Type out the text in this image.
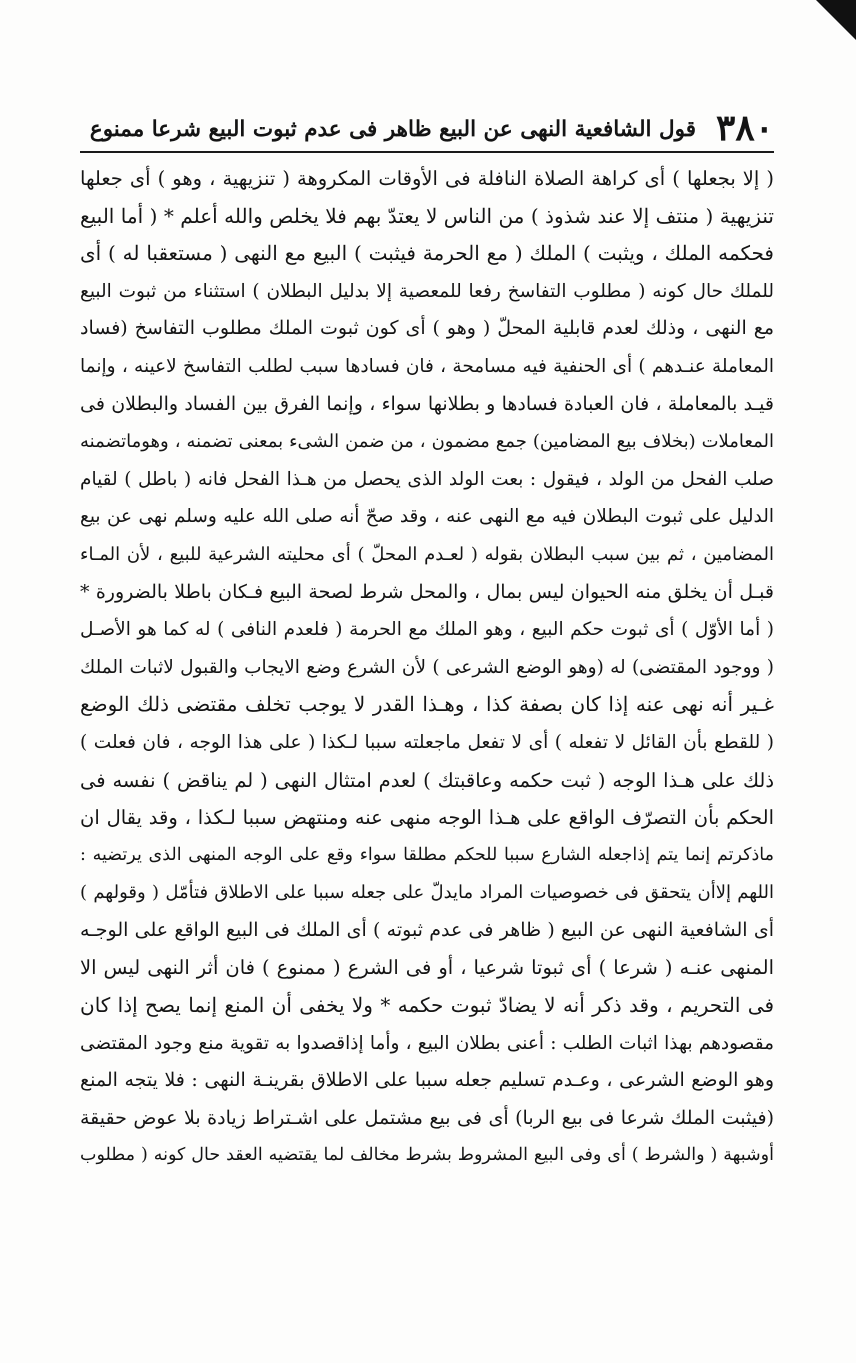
٣٨٠
قول الشافعية النهى عن البيع ظاهر فى عدم ثبوت البيع شرعا ممنوع
( إلا بجعلها ) أى كراهة الصلاة النافلة فى الأوقات المكروهة ( تنزيهية ، وهو ) أى جعلها
تنزيهية ( منتف إلا عند شذوذ ) من الناس لا يعتدّ بهم فلا يخلص والله أعلم * ( أما البيع
فحكمه الملك ، ويثبت ) الملك ( مع الحرمة فيثبت ) البيع مع النهى ( مستعقبا له ) أى
للملك حال كونه ( مطلوب التفاسخ رفعا للمعصية إلا بدليل البطلان ) استثناء من ثبوت البيع
مع النهى ، وذلك لعدم قابلية المحلّ ( وهو ) أى كون ثبوت الملك مطلوب التفاسخ (فساد
المعاملة عنـدهم ) أى الحنفية فيه مسامحة ، فان فسادها سبب لطلب التفاسخ لاعينه ، وإنما
قيـد بالمعاملة ، فان العبادة فسادها و بطلانها سواء ، وإنما الفرق بين الفساد والبطلان فى
المعاملات (بخلاف بيع المضامين) جمع مضمون ، من ضمن الشىء بمعنى تضمنه ، وهوماتضمنه
صلب الفحل من الولد ، فيقول : بعت الولد الذى يحصل من هـذا الفحل فانه ( باطل ) لقيام
الدليل على ثبوت البطلان فيه مع النهى عنه ، وقد صحّ أنه صلى الله عليه وسلم نهى عن بيع
المضامين ، ثم بين سبب البطلان بقوله ( لعـدم المحلّ ) أى محليته الشرعية للبيع ، لأن المـاء
قبـل أن يخلق منه الحيوان ليس بمال ، والمحل شرط لصحة البيع فـكان باطلا بالضرورة *
( أما الأوّل ) أى ثبوت حكم البيع ، وهو الملك مع الحرمة ( فلعدم النافى ) له كما هو الأصـل
( ووجود المقتضى) له (وهو الوضع الشرعى ) لأن الشرع وضع الايجاب والقبول لاثبات الملك
غـير أنه نهى عنه إذا كان بصفة كذا ، وهـذا القدر لا يوجب تخلف مقتضى ذلك الوضع
( للقطع بأن القائل لا تفعله ) أى لا تفعل ماجعلته سببا لـكذا ( على هذا الوجه ، فان فعلت )
ذلك على هـذا الوجه ( ثبت حكمه وعاقبتك ) لعدم امتثال النهى ( لم يناقض ) نفسه فى
الحكم بأن التصرّف الواقع على هـذا الوجه منهى عنه ومنتهض سببا لـكذا ، وقد يقال ان
ماذكرتم إنما يتم إذاجعله الشارع سببا للحكم مطلقا سواء وقع على الوجه المنهى الذى يرتضيه :
اللهم إلاأن يتحقق فى خصوصيات المراد مايدلّ على جعله سببا على الاطلاق فتأمّل ( وقولهم )
أى الشافعية النهى عن البيع ( ظاهر فى عدم ثبوته ) أى الملك فى البيع الواقع على الوجـه
المنهى عنـه ( شرعا ) أى ثبوتا شرعيا ، أو فى الشرع ( ممنوع ) فان أثر النهى ليس الا
فى التحريم ، وقد ذكر أنه لا يضادّ ثبوت حكمه * ولا يخفى أن المنع إنما يصح إذا كان
مقصودهم بهذا اثبات الطلب : أعنى بطلان البيع ، وأما إذاقصدوا به تقوية منع وجود المقتضى
وهو الوضع الشرعى ، وعـدم تسليم جعله سببا على الاطلاق بقرينـة النهى : فلا يتجه المنع
(فيثبت الملك شرعا فى بيع الربا) أى فى بيع مشتمل على اشـتراط زيادة بلا عوض حقيقة
أوشبهة ( والشرط ) أى وفى البيع المشروط بشرط مخالف لما يقتضيه العقد حال كونه ( مطلوب
